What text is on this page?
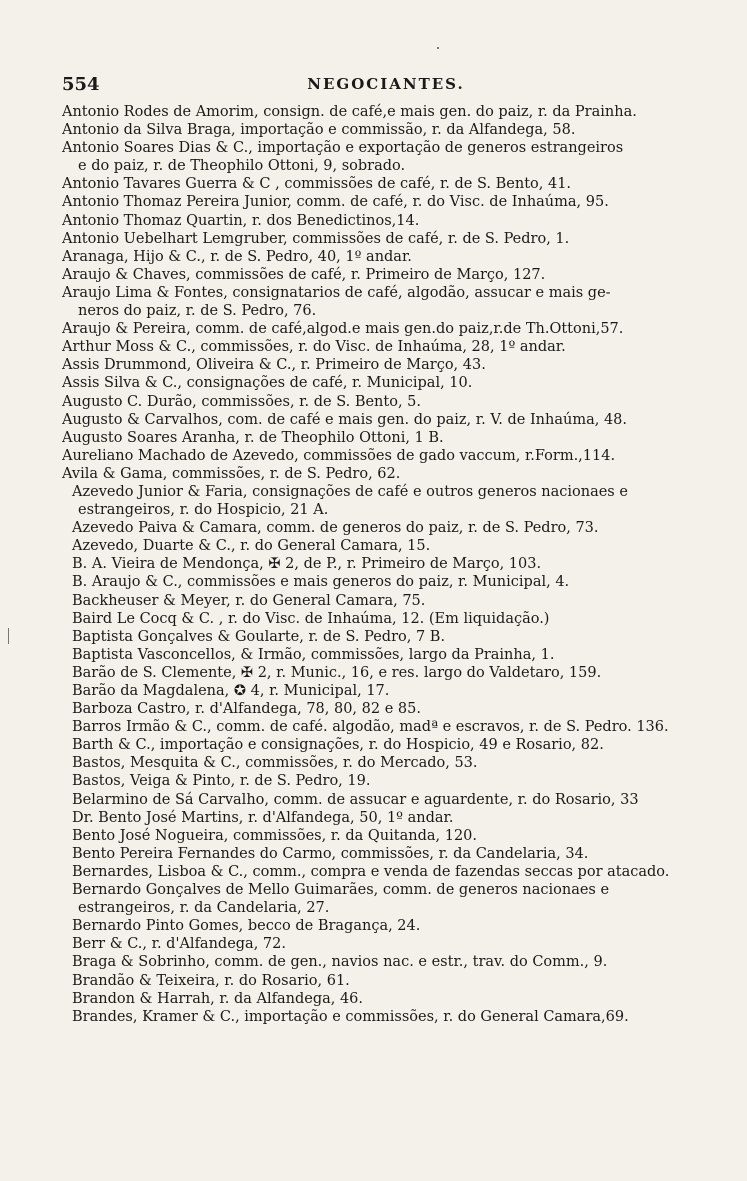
554	NEGOCIANTES.
Antonio Rodes de Amorim, consign. de café,e mais gen. do paiz, r. da Prainha.
Antonio da Silva Braga, importação e commissão, r. da Alfandega, 58.
Antonio Soares Dias & C., importação e exportação de generos estrangeiros
e do paiz, r. de Theophilo Ottoni, 9, sobrado.
Antonio Tavares Guerra & C , commissões de café, r. de S. Bento, 41.
Antonio Thomaz Pereira Junior, comm. de café, r. do Visc. de Inhaúma, 95.
Antonio Thomaz Quartin, r. dos Benedictinos,14.
Antonio Uebelhart Lemgruber, commissões de café, r. de S. Pedro, 1.
Aranaga, Hijo & C., r. de S. Pedro, 40, 1º andar.
Araujo & Chaves, commissões de café, r. Primeiro de Março, 127.
Araujo Lima & Fontes, consignatarios de café, algodão, assucar e mais ge-
neros do paiz, r. de S. Pedro, 76.
Araujo & Pereira, comm. de café,algod.e mais gen.do paiz,r.de Th.Ottoni,57.
Arthur Moss & C., commissões, r. do Visc. de Inhaúma, 28, 1º andar.
Assis Drummond, Oliveira & C., r. Primeiro de Março, 43.
Assis Silva & C., consignações de café, r. Municipal, 10.
Augusto C. Durão, commissões, r. de S. Bento, 5.
Augusto & Carvalhos, com. de café e mais gen. do paiz, r. V. de Inhaúma, 48.
Augusto Soares Aranha, r. de Theophilo Ottoni, 1 B.
Aureliano Machado de Azevedo, commissões de gado vaccum, r.Form.,114.
Avila & Gama, commissões, r. de S. Pedro, 62.
Azevedo Junior & Faria, consignações de café e outros generos nacionaes e
estrangeiros, r. do Hospicio, 21 A.
Azevedo Paiva & Camara, comm. de generos do paiz, r. de S. Pedro, 73.
Azevedo, Duarte & C., r. do General Camara, 15.
B. A. Vieira de Mendonça, ✠ 2, de P., r. Primeiro de Março, 103.
B. Araujo & C., commissões e mais generos do paiz, r. Municipal, 4.
Backheuser & Meyer, r. do General Camara, 75.
Baird Le Cocq & C. , r. do Visc. de Inhaúma, 12. (Em liquidação.)
Baptista Gonçalves & Goularte, r. de S. Pedro, 7 B.
Baptista Vasconcellos, & Irmão, commissões, largo da Prainha, 1.
Barão de S. Clemente, ✠ 2, r. Munic., 16, e res. largo do Valdetaro, 159.
Barão da Magdalena, ✪ 4, r. Municipal, 17.
Barboza Castro, r. d'Alfandega, 78, 80, 82 e 85.
Barros Irmão & C., comm. de café. algodão, madª e escravos, r. de S. Pedro. 136.
Barth & C., importação e consignações, r. do Hospicio, 49 e Rosario, 82.
Bastos, Mesquita & C., commissões, r. do Mercado, 53.
Bastos, Veiga & Pinto, r. de S. Pedro, 19.
Belarmino de Sá Carvalho, comm. de assucar e aguardente, r. do Rosario, 33
Dr. Bento José Martins, r. d'Alfandega, 50, 1º andar.
Bento José Nogueira, commissões, r. da Quitanda, 120.
Bento Pereira Fernandes do Carmo, commissões, r. da Candelaria, 34.
Bernardes, Lisboa & C., comm., compra e venda de fazendas seccas por atacado.
Bernardo Gonçalves de Mello Guimarães, comm. de generos nacionaes e
estrangeiros, r. da Candelaria, 27.
Bernardo Pinto Gomes, becco de Bragança, 24.
Berr & C., r. d'Alfandega, 72.
Braga & Sobrinho, comm. de gen., navios nac. e estr., trav. do Comm., 9.
Brandão & Teixeira, r. do Rosario, 61.
Brandon & Harrah, r. da Alfandega, 46.
Brandes, Kramer & C., importação e commissões, r. do General Camara,69.
